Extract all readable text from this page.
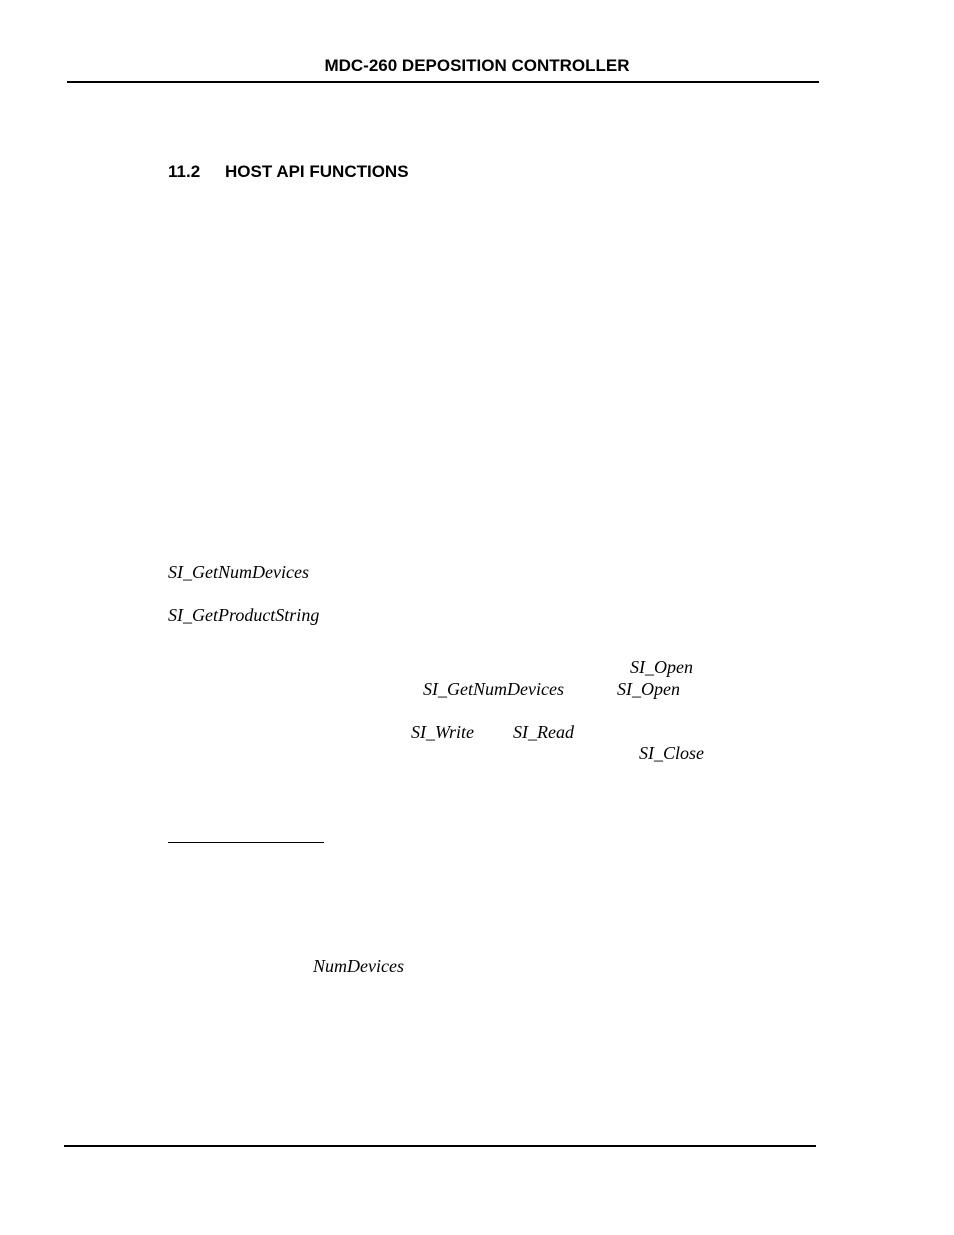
MDC-260 DEPOSITION CONTROLLER
11.2 HOST API FUNCTIONS
SI_GetNumDevices
SI_GetProductString
SI_Open
SI_GetNumDevices	SI_Open
SI_Write SI_Read
SI_Close
NumDevices
